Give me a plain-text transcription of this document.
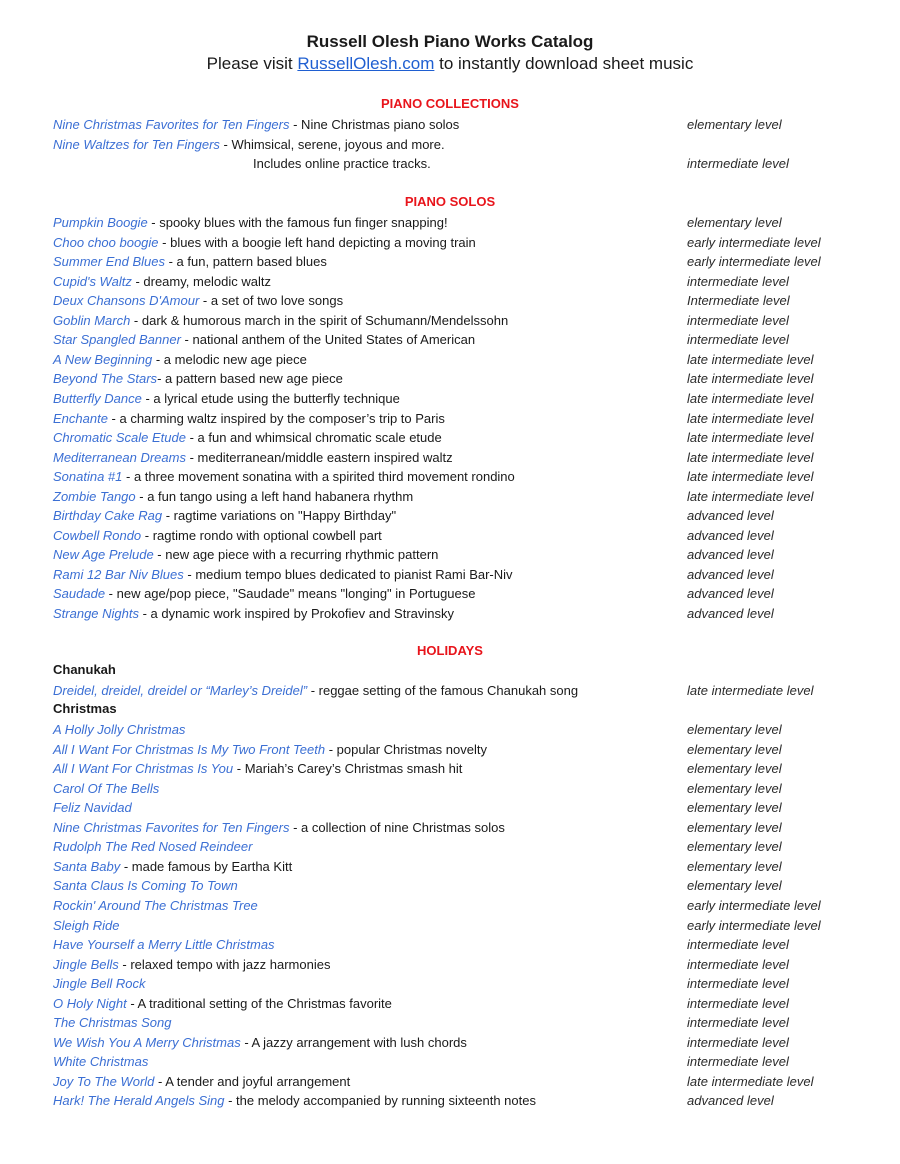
Russell Olesh Piano Works Catalog
Please visit RussellOlesh.com to instantly download sheet music
PIANO COLLECTIONS
Nine Christmas Favorites for Ten Fingers - Nine Christmas piano solos	elementary level
Nine Waltzes for Ten Fingers - Whimsical, serene, joyous and more.
Includes online practice tracks.	intermediate level
PIANO SOLOS
Pumpkin Boogie - spooky blues with the famous fun finger snapping!	elementary level
Choo choo boogie - blues with a boogie left hand depicting a moving train	early intermediate level
Summer End Blues - a fun, pattern based blues	early intermediate level
Cupid's Waltz - dreamy, melodic waltz	intermediate level
Deux Chansons D'Amour - a set of two love songs	Intermediate level
Goblin March - dark & humorous march in the spirit of Schumann/Mendelssohn	intermediate level
Star Spangled Banner - national anthem of the United States of American	intermediate level
A New Beginning - a melodic new age piece	late intermediate level
Beyond The Stars- a pattern based new age piece	late intermediate level
Butterfly Dance - a lyrical etude using the butterfly technique	late intermediate level
Enchante - a charming waltz inspired by the composer’s trip to Paris	late intermediate level
Chromatic Scale Etude - a fun and whimsical chromatic scale etude	late intermediate level
Mediterranean Dreams - mediterranean/middle eastern inspired waltz	late intermediate level
Sonatina #1 - a three movement sonatina with a spirited third movement rondino	late intermediate level
Zombie Tango - a fun tango using a left hand habanera rhythm	late intermediate level
Birthday Cake Rag - ragtime variations on "Happy Birthday"	advanced level
Cowbell Rondo - ragtime rondo with optional cowbell part	advanced level
New Age Prelude - new age piece with a recurring rhythmic pattern	advanced level
Rami 12 Bar Niv Blues - medium tempo blues dedicated to pianist Rami Bar-Niv	advanced level
Saudade - new age/pop piece, "Saudade" means "longing" in Portuguese	advanced level
Strange Nights - a dynamic work inspired by Prokofiev and Stravinsky	advanced level
HOLIDAYS
Chanukah
Dreidel, dreidel, dreidel or “Marley’s Dreidel” - reggae setting of the famous Chanukah song	late intermediate level
Christmas
A Holly Jolly Christmas	elementary level
All I Want For Christmas Is My Two Front Teeth - popular Christmas novelty	elementary level
All I Want For Christmas Is You - Mariah’s Carey’s Christmas smash hit	elementary level
Carol Of The Bells	elementary level
Feliz Navidad	elementary level
Nine Christmas Favorites for Ten Fingers - a collection of nine Christmas solos	elementary level
Rudolph The Red Nosed Reindeer	elementary level
Santa Baby - made famous by Eartha Kitt	elementary level
Santa Claus Is Coming To Town	elementary level
Rockin' Around The Christmas Tree	early intermediate level
Sleigh Ride	early intermediate level
Have Yourself a Merry Little Christmas	intermediate level
Jingle Bells - relaxed tempo with jazz harmonies	intermediate level
Jingle Bell Rock	intermediate level
O Holy Night - A traditional setting of the Christmas favorite	intermediate level
The Christmas Song	intermediate level
We Wish You A Merry Christmas - A jazzy arrangement with lush chords	intermediate level
White Christmas	intermediate level
Joy To The World - A tender and joyful arrangement	late intermediate level
Hark! The Herald Angels Sing - the melody accompanied by running sixteenth notes	advanced level
